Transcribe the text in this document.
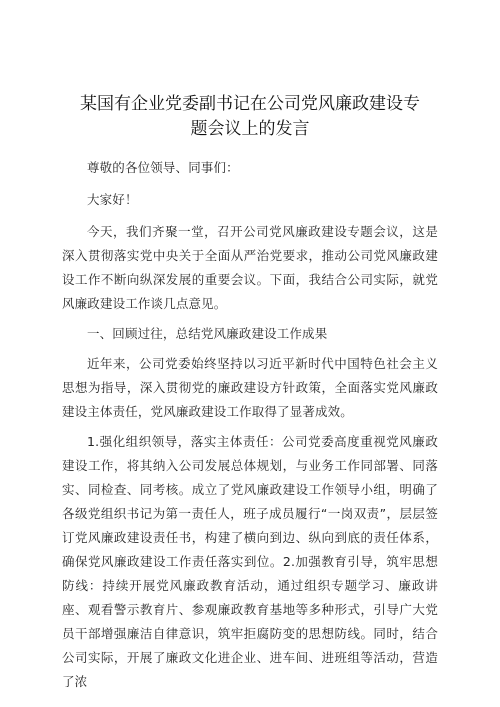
某国有企业党委副书记在公司党风廉政建设专
题会议上的发言

尊敬的各位领导、同事们：

大家好！

今天，我们齐聚一堂，召开公司党风廉政建设专题会议，这是深入贯彻落实党中央关于全面从严治党要求，推动公司党风廉政建设工作不断向纵深发展的重要会议。下面，我结合公司实际，就党风廉政建设工作谈几点意见。

一、回顾过往，总结党风廉政建设工作成果

近年来，公司党委始终坚持以习近平新时代中国特色社会主义思想为指导，深入贯彻党的廉政建设方针政策，全面落实党风廉政建设主体责任，党风廉政建设工作取得了显著成效。

1.强化组织领导，落实主体责任：公司党委高度重视党风廉政建设工作，将其纳入公司发展总体规划，与业务工作同部署、同落实、同检查、同考核。成立了党风廉政建设工作领导小组，明确了各级党组织书记为第一责任人，班子成员履行“一岗双责”，层层签订党风廉政建设责任书，构建了横向到边、纵向到底的责任体系，确保党风廉政建设工作责任落实到位。2.加强教育引导，筑牢思想防线：持续开展党风廉政教育活动，通过组织专题学习、廉政讲座、观看警示教育片、参观廉政教育基地等多种形式，引导广大党员干部增强廉洁自律意识，筑牢拒腐防变的思想防线。同时，结合公司实际，开展了廉政文化进企业、进车间、进班组等活动，营造了浓
